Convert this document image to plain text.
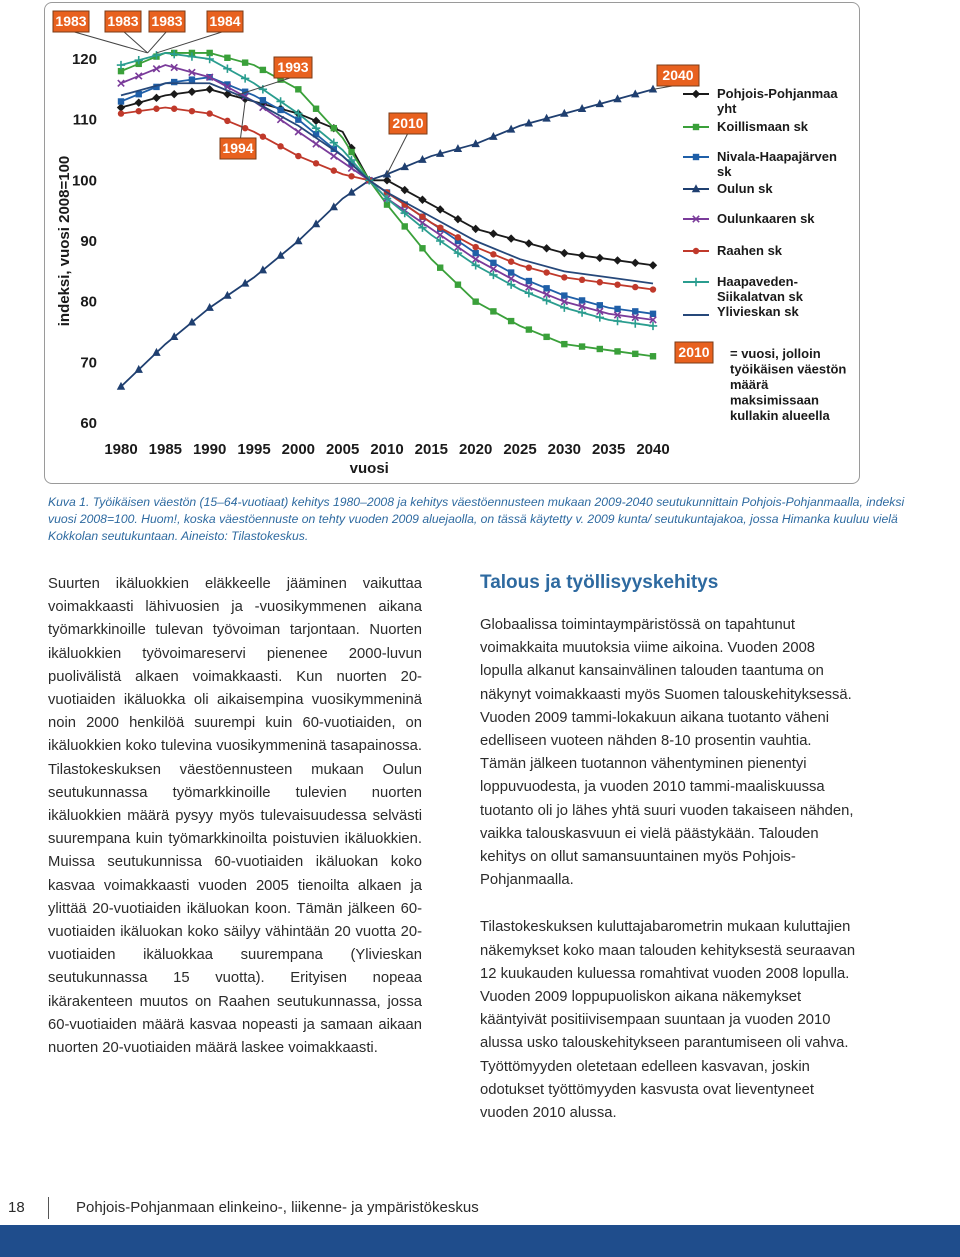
indeksi, vuosi 2008=100
60
70
80
90
100
110
120
1980 1985 1990 1995 2000 2005 2010 2015 2020 2025 2030 2035 2040
vuosi
1983 1983 1983 1984
1993
1994
2010
2040
Pohjois-Pohjanmaa
yht
Koillismaan sk
Nivala-Haapajärven
sk
Oulun sk
Oulunkaaren sk
Raahen sk
Haapaveden-
Siikalatvan sk
Ylivieskan sk
2010 = vuosi, jolloin
työikäisen väestön
määrä
maksimissaan
kullakin alueella
Kuva 1. Työikäisen väestön (15–64-vuotiaat) kehitys 1980–2008 ja kehitys väestöennusteen mukaan 2009-2040 seutukunnittain Pohjois-Pohjanmaalla, indeksi vuosi 2008=100. Huom!, koska väestöennuste on tehty vuoden 2009 aluejaolla, on tässä käytetty v. 2009 kunta/ seutukuntajakoa, jossa Himanka kuuluu vielä Kokkolan seutukuntaan. Aineisto: Tilastokeskus.

Suurten ikäluokkien eläkkeelle jääminen vaikuttaa voimakkaasti lähivuosien ja -vuosikymmenen aikana työmarkkinoille tulevan työvoiman tarjontaan. Nuorten ikäluokkien työvoimareservi pienenee 2000-luvun puolivälistä alkaen voimakkaasti. Kun nuorten 20-vuotiaiden ikäluokka oli aikaisempina vuosikymmeninä noin 2000 henkilöä suurempi kuin 60-vuotiaiden, on ikäluokkien koko tulevina vuosikymmeninä tasapainossa. Tilastokeskuksen väestöennusteen mukaan Oulun seutukunnassa työmarkkinoille tulevien nuorten ikäluokkien määrä pysyy myös tulevaisuudessa selvästi suurempana kuin työmarkkinoilta poistuvien ikäluokkien. Muissa seutukunnissa 60-vuotiaiden ikäluokan koko kasvaa voimakkaasti vuoden 2005 tienoilta alkaen ja ylittää 20-vuotiaiden ikäluokan koon. Tämän jälkeen 60-vuotiaiden ikäluokan koko säilyy vähintään 20 vuotta 20-vuotiaiden ikäluokkaa suurempana (Ylivieskan seutukunnassa 15 vuotta). Erityisen nopeaa ikärakenteen muutos on Raahen seutukunnassa, jossa 60-vuotiaiden määrä kasvaa nopeasti ja samaan aikaan nuorten 20-vuotiaiden määrä laskee voimakkaasti.

Talous ja työllisyyskehitys

Globaalissa toimintaympäristössä on tapahtunut voimakkaita muutoksia viime aikoina. Vuoden 2008 lopulla alkanut kansainvälinen talouden taantuma on näkynyt voimakkaasti myös Suomen talouskehityksessä. Vuoden 2009 tammi-lokakuun aikana tuotanto väheni edelliseen vuoteen nähden 8-10 prosentin vauhtia. Tämän jälkeen tuotannon vähentyminen pienentyi loppuvuodesta, ja vuoden 2010 tammi-maaliskuussa tuotanto oli jo lähes yhtä suuri vuoden takaiseen nähden, vaikka talouskasvuun ei vielä päästykään. Talouden kehitys on ollut samansuuntainen myös Pohjois-Pohjanmaalla.

Tilastokeskuksen kuluttajabarometrin mukaan kuluttajien näkemykset koko maan talouden kehityksestä seuraavan 12 kuukauden kuluessa romahtivat vuoden 2008 lopulla. Vuoden 2009 loppupuoliskon aikana näkemykset kääntyivät positiivisempaan suuntaan ja vuoden 2010 alussa usko talouskehitykseen parantumiseen oli vahva. Työttömyyden oletetaan edelleen kasvavan, joskin odotukset työttömyyden kasvusta ovat lieventyneet vuoden 2010 alussa.

18	Pohjois-Pohjanmaan elinkeino-, liikenne- ja ympäristökeskus
